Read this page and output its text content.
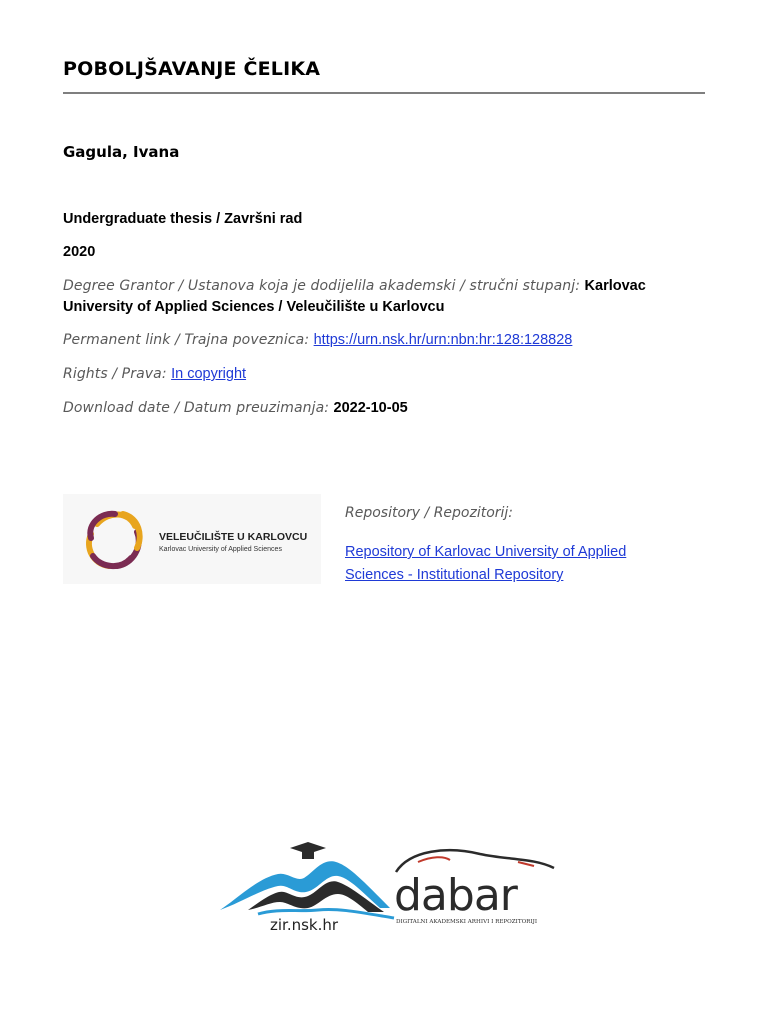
POBOLJŠAVANJE ČELIKA
Gagula, Ivana
Undergraduate thesis / Završni rad
2020
Degree Grantor / Ustanova koja je dodijelila akademski / stručni stupanj: Karlovac
University of Applied Sciences / Veleučilište u Karlovcu
Permanent link / Trajna poveznica: https://urn.nsk.hr/urn:nbn:hr:128:128828
Rights / Prava: In copyright
Download date / Datum preuzimanja: 2022-10-05
VELEUČILIŠTE U KARLOVCU
Karlovac University of Applied Sciences
Repository / Repozitorij:
Repository of Karlovac University of Applied
Sciences - Institutional Repository
zir.nsk.hr
dabar
DIGITALNI AKADEMSKI ARHIVI I REPOZITORIJI
